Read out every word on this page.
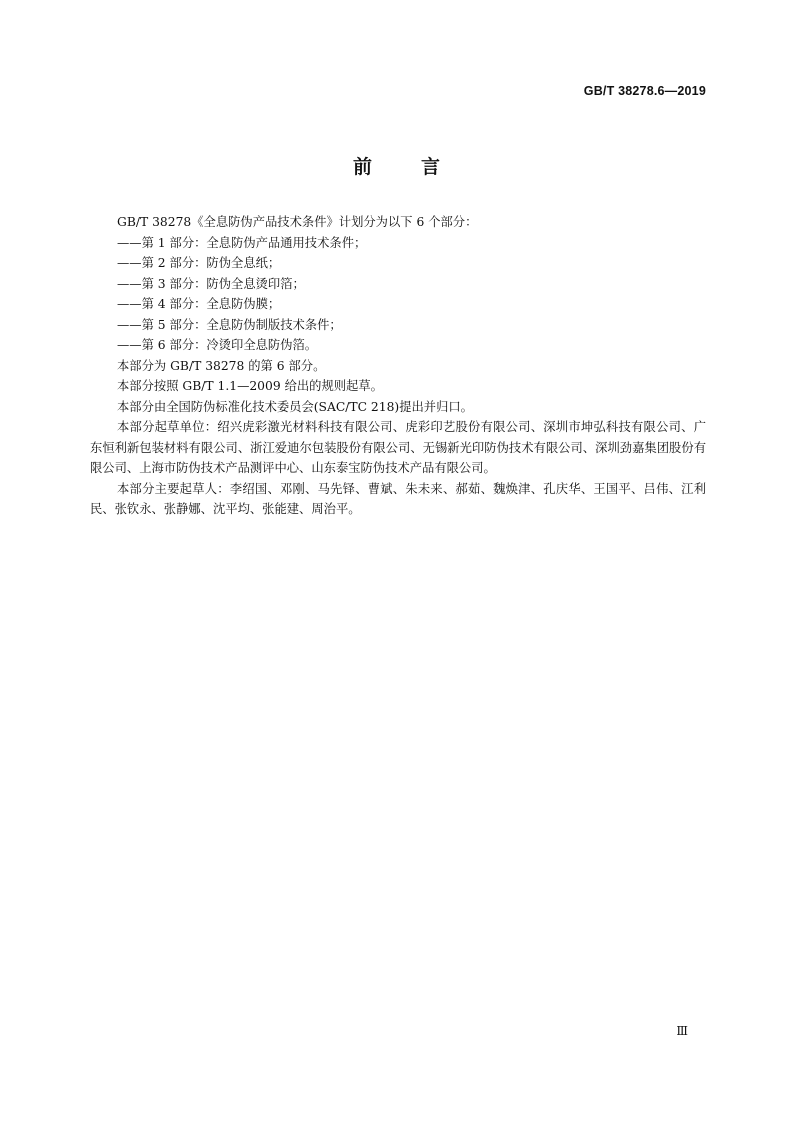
GB/T 38278.6—2019
前	言

GB/T 38278《全息防伪产品技术条件》计划分为以下 6 个部分：

——第 1 部分：全息防伪产品通用技术条件；

——第 2 部分：防伪全息纸；

——第 3 部分：防伪全息烫印箔；

——第 4 部分：全息防伪膜；

——第 5 部分：全息防伪制版技术条件；

——第 6 部分：冷烫印全息防伪箔。

本部分为 GB/T 38278 的第 6 部分。

本部分按照 GB/T 1.1—2009 给出的规则起草。

本部分由全国防伪标准化技术委员会(SAC/TC 218)提出并归口。

本部分起草单位：绍兴虎彩激光材料科技有限公司、虎彩印艺股份有限公司、深圳市坤弘科技有限公司、广东恒利新包装材料有限公司、浙江爱迪尔包装股份有限公司、无锡新光印防伪技术有限公司、深圳劲嘉集团股份有限公司、上海市防伪技术产品测评中心、山东泰宝防伪技术产品有限公司。

本部分主要起草人：李绍国、邓刚、马先铎、曹斌、朱未来、郝茹、魏焕津、孔庆华、王国平、吕伟、江利民、张钦永、张静娜、沈平均、张能建、周治平。

Ⅲ
